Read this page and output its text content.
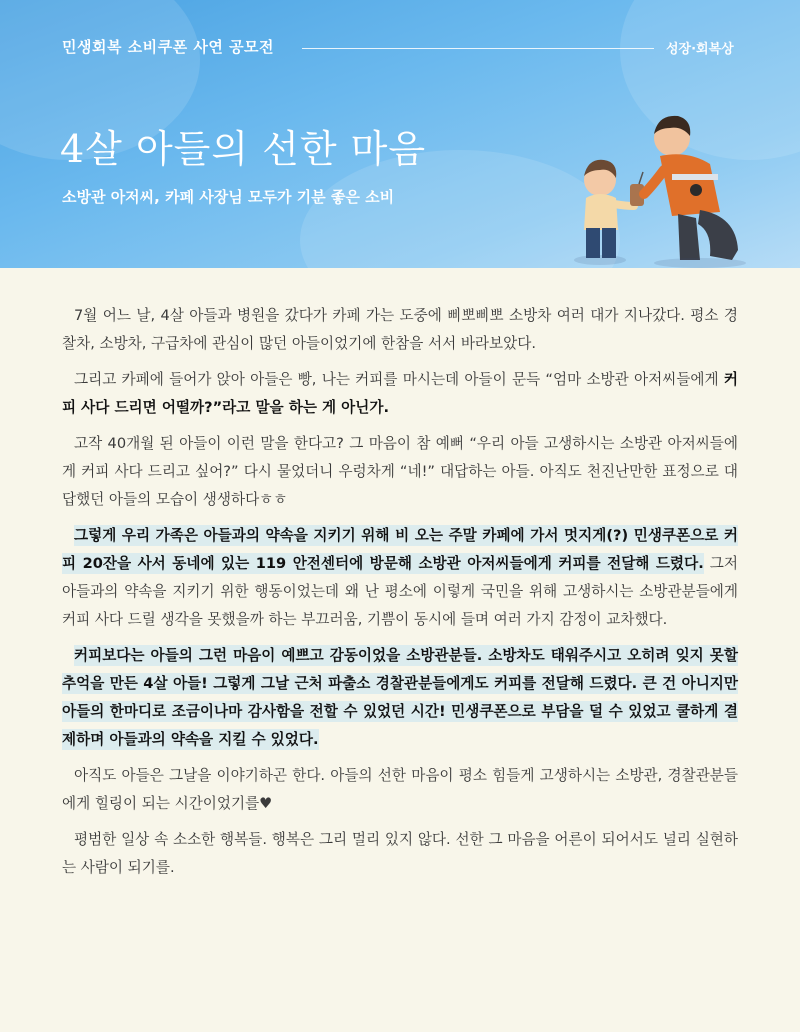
민생회복 소비쿠폰 사연 공모전	성장·회복상
4살 아들의 선한 마음
소방관 아저씨, 카페 사장님 모두가 기분 좋은 소비

7월 어느 날, 4살 아들과 병원을 갔다가 카페 가는 도중에 삐뽀삐뽀 소방차 여러 대가 지나갔다. 평소 경찰차, 소방차, 구급차에 관심이 많던 아들이었기에 한참을 서서 바라보았다.

그리고 카페에 들어가 앉아 아들은 빵, 나는 커피를 마시는데 아들이 문득 “엄마 소방관 아저씨들에게 커피 사다 드리면 어떨까?”라고 말을 하는 게 아닌가.

고작 40개월 된 아들이 이런 말을 한다고? 그 마음이 참 예뻐 “우리 아들 고생하시는 소방관 아저씨들에게 커피 사다 드리고 싶어?” 다시 물었더니 우렁차게 “네!” 대답하는 아들. 아직도 천진난만한 표정으로 대답했던 아들의 모습이 생생하다ㅎㅎ

그렇게 우리 가족은 아들과의 약속을 지키기 위해 비 오는 주말 카페에 가서 멋지게(?) 민생쿠폰으로 커피 20잔을 사서 동네에 있는 119 안전센터에 방문해 소방관 아저씨들에게 커피를 전달해 드렸다. 그저 아들과의 약속을 지키기 위한 행동이었는데 왜 난 평소에 이렇게 국민을 위해 고생하시는 소방관분들에게 커피 사다 드릴 생각을 못했을까 하는 부끄러움, 기쁨이 동시에 들며 여러 가지 감정이 교차했다.

커피보다는 아들의 그런 마음이 예쁘고 감동이었을 소방관분들. 소방차도 태워주시고 오히려 잊지 못할 추억을 만든 4살 아들! 그렇게 그날 근처 파출소 경찰관분들에게도 커피를 전달해 드렸다. 큰 건 아니지만 아들의 한마디로 조금이나마 감사함을 전할 수 있었던 시간! 민생쿠폰으로 부담을 덜 수 있었고 쿨하게 결제하며 아들과의 약속을 지킬 수 있었다.

아직도 아들은 그날을 이야기하곤 한다. 아들의 선한 마음이 평소 힘들게 고생하시는 소방관, 경찰관분들에게 힐링이 되는 시간이었기를♥

평범한 일상 속 소소한 행복들. 행복은 그리 멀리 있지 않다. 선한 그 마음을 어른이 되어서도 널리 실현하는 사람이 되기를.
